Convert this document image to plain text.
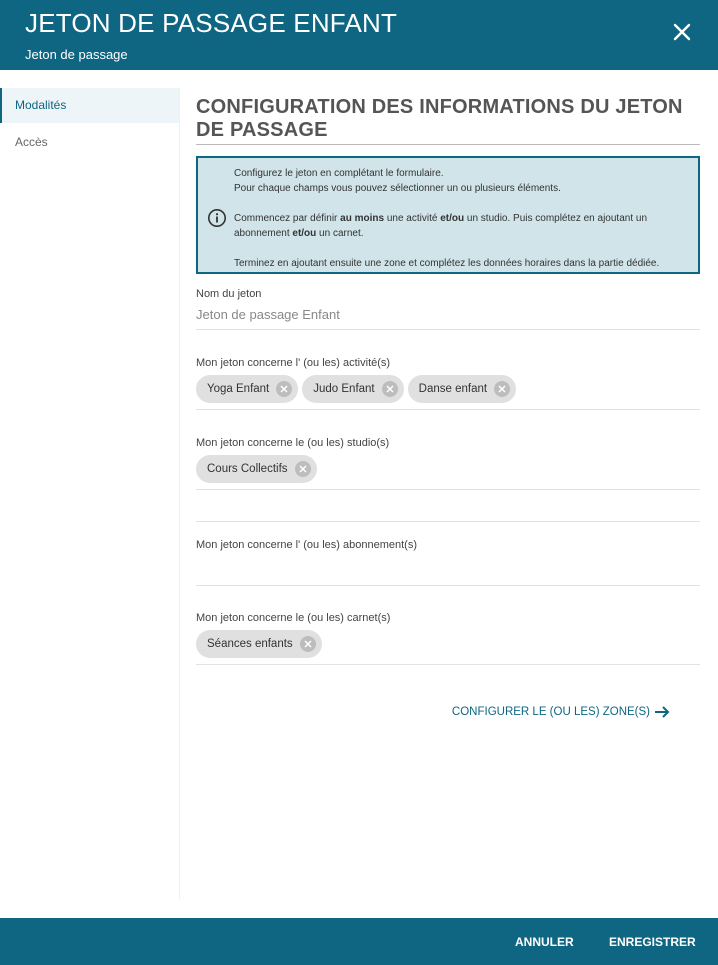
JETON DE PASSAGE ENFANT
Jeton de passage
Modalités
Accès
CONFIGURATION DES INFORMATIONS DU JETON DE PASSAGE

Configurez le jeton en complétant le formulaire.

Pour chaque champs vous pouvez sélectionner un ou plusieurs éléments.

Commencez par définir au moins une activité et/ou un studio. Puis complétez en ajoutant un

abonnement et/ou un carnet.

Terminez en ajoutant ensuite une zone et complétez les données horaires dans la partie dédiée.

Nom du jeton
Jeton de passage Enfant
Mon jeton concerne l' (ou les) activité(s)
Yoga Enfant	Judo Enfant	Danse enfant
Mon jeton concerne le (ou les) studio(s)
Cours Collectifs
Mon jeton concerne l' (ou les) abonnement(s)
Mon jeton concerne le (ou les) carnet(s)
Séances enfants
CONFIGURER LE (OU LES) ZONE(S)
ANNULER	ENREGISTRER
